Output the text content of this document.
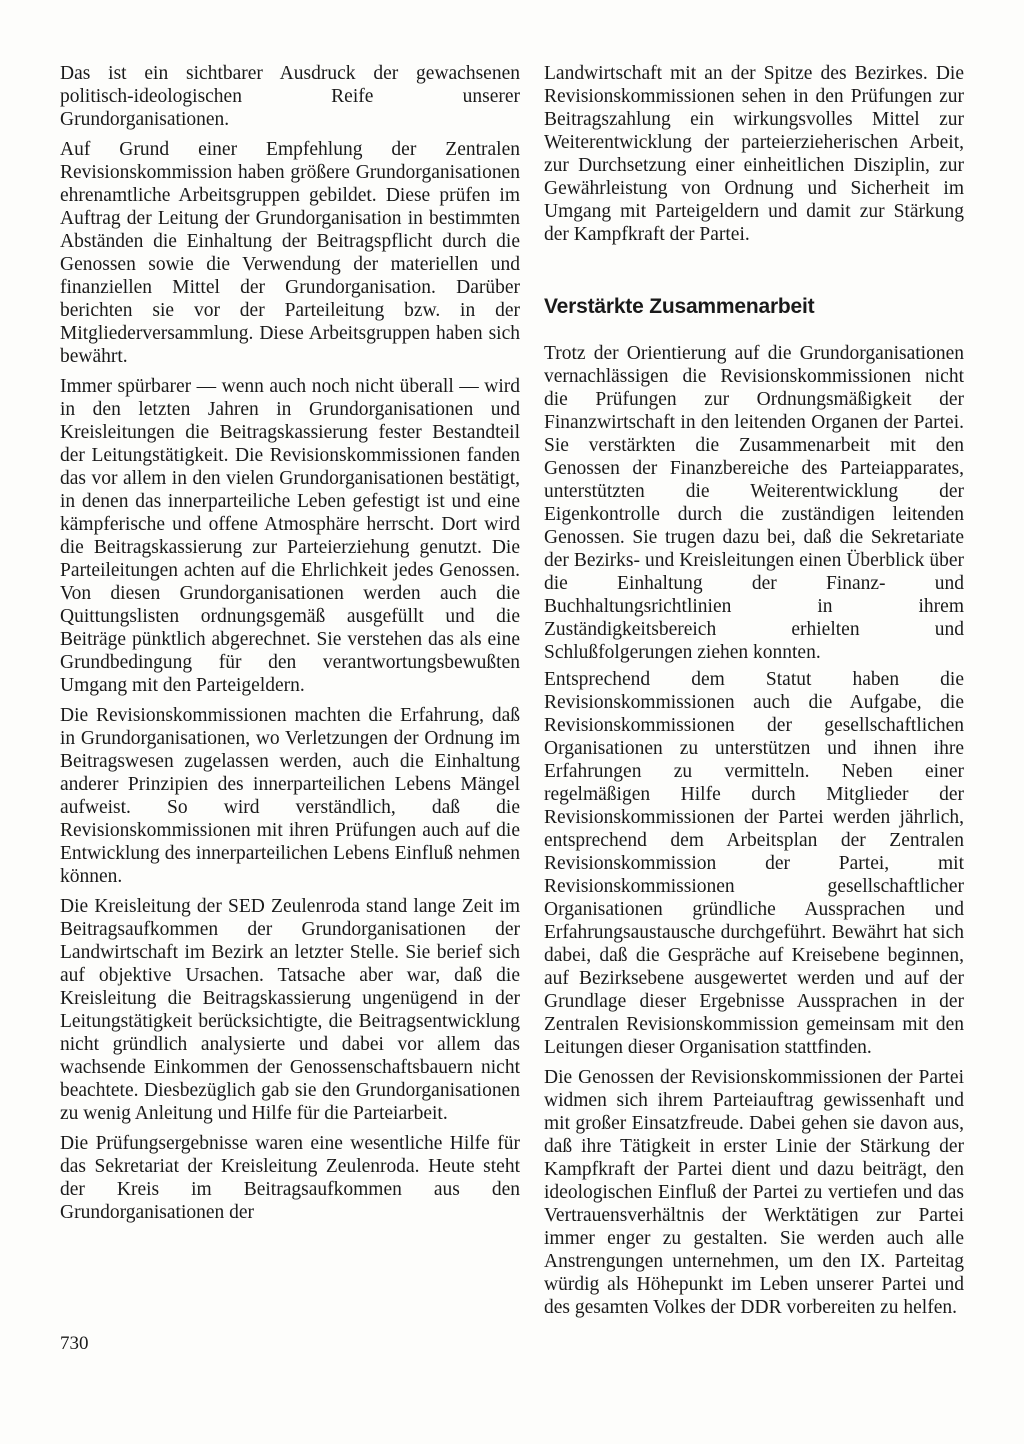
Das ist ein sichtbarer Ausdruck der gewachsenen politisch-ideologischen Reife unserer Grundorganisationen.

Auf Grund einer Empfehlung der Zentralen Revisionskommission haben größere Grundorganisationen ehrenamtliche Arbeitsgruppen gebildet. Diese prüfen im Auftrag der Leitung der Grundorganisation in bestimmten Abständen die Einhaltung der Beitragspflicht durch die Genossen sowie die Verwendung der materiellen und finanziellen Mittel der Grundorganisation. Darüber berichten sie vor der Parteileitung bzw. in der Mitgliederversammlung. Diese Arbeitsgruppen haben sich bewährt.

Immer spürbarer — wenn auch noch nicht überall — wird in den letzten Jahren in Grundorganisationen und Kreisleitungen die Beitragskassierung fester Bestandteil der Leitungstätigkeit. Die Revisionskommissionen fanden das vor allem in den vielen Grundorganisationen bestätigt, in denen das innerparteiliche Leben gefestigt ist und eine kämpferische und offene Atmosphäre herrscht. Dort wird die Beitragskassierung zur Parteierziehung genutzt. Die Parteileitungen achten auf die Ehrlichkeit jedes Genossen. Von diesen Grundorganisationen werden auch die Quittungslisten ordnungsgemäß ausgefüllt und die Beiträge pünktlich abgerechnet. Sie verstehen das als eine Grundbedingung für den verantwortungsbewußten Umgang mit den Parteigeldern.

Die Revisionskommissionen machten die Erfahrung, daß in Grundorganisationen, wo Verletzungen der Ordnung im Beitragswesen zugelassen werden, auch die Einhaltung anderer Prinzipien des innerparteilichen Lebens Mängel aufweist. So wird verständlich, daß die Revisionskommissionen mit ihren Prüfungen auch auf die Entwicklung des innerparteilichen Lebens Einfluß nehmen können.

Die Kreisleitung der SED Zeulenroda stand lange Zeit im Beitragsaufkommen der Grundorganisationen der Landwirtschaft im Bezirk an letzter Stelle. Sie berief sich auf objektive Ursachen. Tatsache aber war, daß die Kreisleitung die Beitragskassierung ungenügend in der Leitungstätigkeit berücksichtigte, die Beitragsentwicklung nicht gründlich analysierte und dabei vor allem das wachsende Einkommen der Genossenschaftsbauern nicht beachtete. Diesbezüglich gab sie den Grundorganisationen zu wenig Anleitung und Hilfe für die Parteiarbeit.

Die Prüfungsergebnisse waren eine wesentliche Hilfe für das Sekretariat der Kreisleitung Zeulenroda. Heute steht der Kreis im Beitragsaufkommen aus den Grundorganisationen der

Landwirtschaft mit an der Spitze des Bezirkes. Die Revisionskommissionen sehen in den Prüfungen zur Beitragszahlung ein wirkungsvolles Mittel zur Weiterentwicklung der parteierzieherischen Arbeit, zur Durchsetzung einer einheitlichen Disziplin, zur Gewährleistung von Ordnung und Sicherheit im Umgang mit Parteigeldern und damit zur Stärkung der Kampfkraft der Partei.

Verstärkte Zusammenarbeit

Trotz der Orientierung auf die Grundorganisationen vernachlässigen die Revisionskommissionen nicht die Prüfungen zur Ordnungsmäßigkeit der Finanzwirtschaft in den leitenden Organen der Partei. Sie verstärkten die Zusammenarbeit mit den Genossen der Finanzbereiche des Parteiapparates, unterstützten die Weiterentwicklung der Eigenkontrolle durch die zuständigen leitenden Genossen. Sie trugen dazu bei, daß die Sekretariate der Bezirks- und Kreisleitungen einen Überblick über die Einhaltung der Finanz- und Buchhaltungsrichtlinien in ihrem Zuständigkeitsbereich erhielten und Schlußfolgerungen ziehen konnten.

Entsprechend dem Statut haben die Revisionskommissionen auch die Aufgabe, die Revisionskommissionen der gesellschaftlichen Organisationen zu unterstützen und ihnen ihre Erfahrungen zu vermitteln. Neben einer regelmäßigen Hilfe durch Mitglieder der Revisionskommissionen der Partei werden jährlich, entsprechend dem Arbeitsplan der Zentralen Revisionskommission der Partei, mit Revisionskommissionen gesellschaftlicher Organisationen gründliche Aussprachen und Erfahrungsaustausche durchgeführt. Bewährt hat sich dabei, daß die Gespräche auf Kreisebene beginnen, auf Bezirksebene ausgewertet werden und auf der Grundlage dieser Ergebnisse Aussprachen in der Zentralen Revisionskommission gemeinsam mit den Leitungen dieser Organisation stattfinden.

Die Genossen der Revisionskommissionen der Partei widmen sich ihrem Parteiauftrag gewissenhaft und mit großer Einsatzfreude. Dabei gehen sie davon aus, daß ihre Tätigkeit in erster Linie der Stärkung der Kampfkraft der Partei dient und dazu beiträgt, den ideologischen Einfluß der Partei zu vertiefen und das Vertrauensverhältnis der Werktätigen zur Partei immer enger zu gestalten. Sie werden auch alle Anstrengungen unternehmen, um den IX. Parteitag würdig als Höhepunkt im Leben unserer Partei und des gesamten Volkes der DDR vorbereiten zu helfen.

730
